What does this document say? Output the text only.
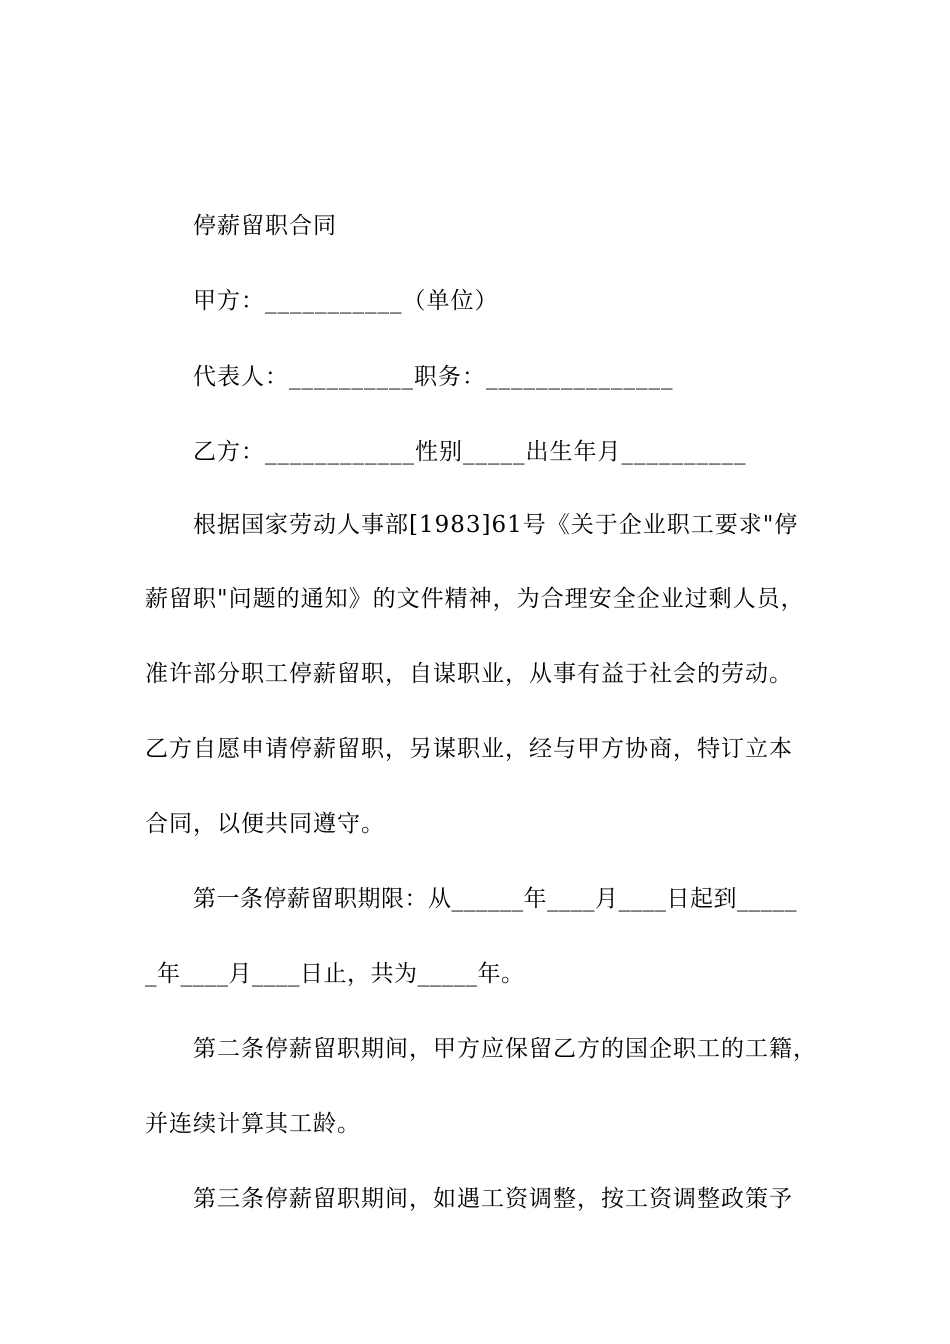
停薪留职合同
甲方：___________（单位）
代表人：__________职务：_______________
乙方：____________性别_____出生年月__________
根据国家劳动人事部[1983]61号《关于企业职工要求"停
薪留职"问题的通知》的文件精神，为合理安全企业过剩人员，
准许部分职工停薪留职，自谋职业，从事有益于社会的劳动。
乙方自愿申请停薪留职，另谋职业，经与甲方协商，特订立本
合同，以便共同遵守。
第一条停薪留职期限：从______年____月____日起到_____
_年____月____日止，共为_____年。
第二条停薪留职期间，甲方应保留乙方的国企职工的工籍，
并连续计算其工龄。
第三条停薪留职期间，如遇工资调整，按工资调整政策予
